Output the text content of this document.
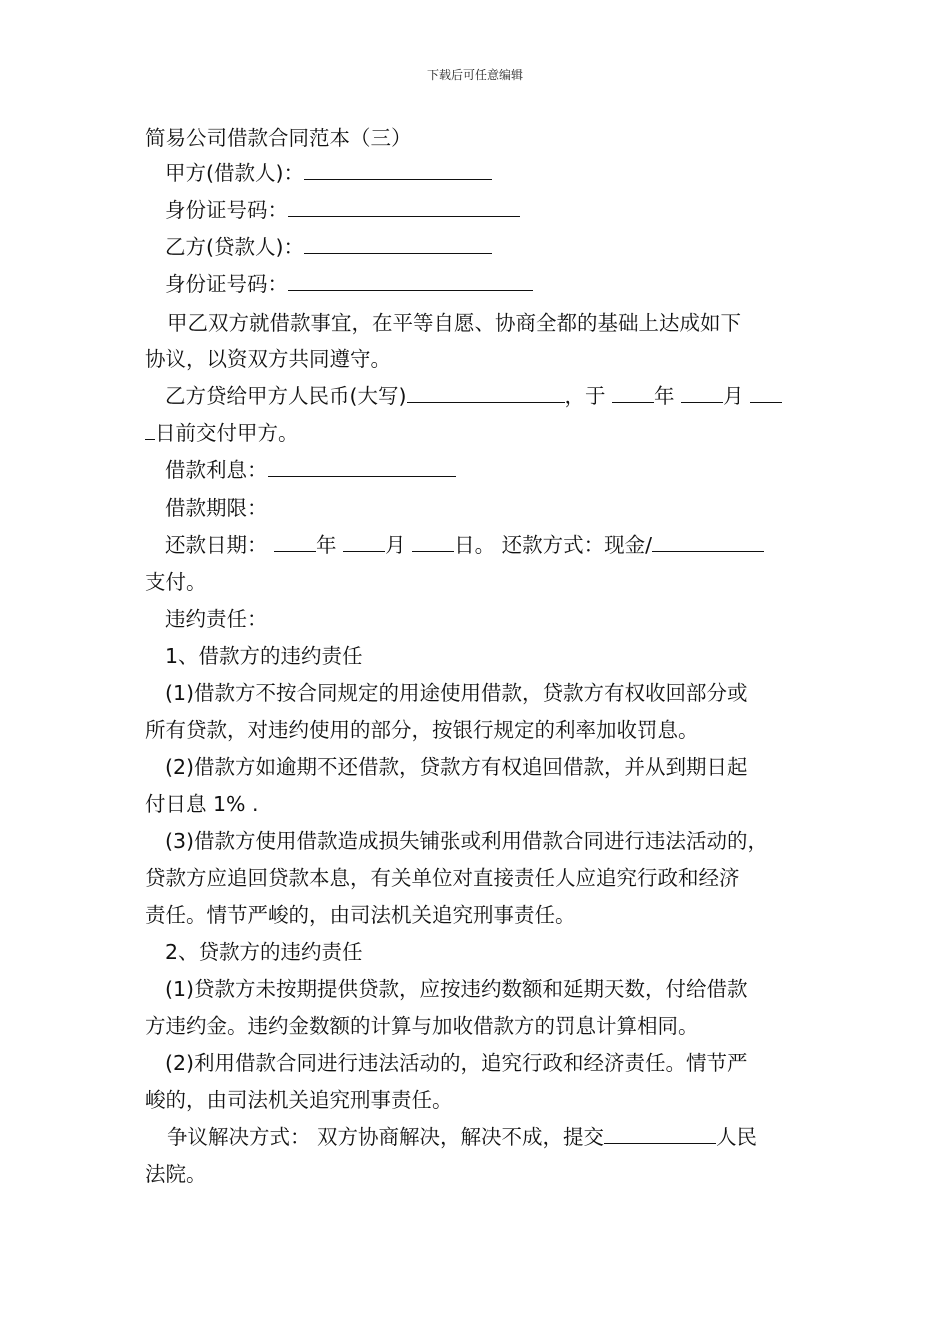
下载后可任意编辑
简易公司借款合同范本（三）
甲方(借款人)：
身份证号码：
乙方(贷款人)：
身份证号码：
甲乙双方就借款事宜，在平等自愿、协商全都的基础上达成如下
协议，以资双方共同遵守。
乙方贷给甲方人民币(大写)	，于 年 月
日前交付甲方。
借款利息：
借款期限：
还款日期： 年 月 日。 还款方式：现金/
支付。
违约责任：
1、借款方的违约责任
(1)借款方不按合同规定的用途使用借款，贷款方有权收回部分或
所有贷款，对违约使用的部分，按银行规定的利率加收罚息。
(2)借款方如逾期不还借款，贷款方有权追回借款，并从到期日起
付日息 1% .
(3)借款方使用借款造成损失铺张或利用借款合同进行违法活动的，
贷款方应追回贷款本息，有关单位对直接责任人应追究行政和经济
责任。情节严峻的，由司法机关追究刑事责任。
2、贷款方的违约责任
(1)贷款方未按期提供贷款，应按违约数额和延期天数，付给借款
方违约金。违约金数额的计算与加收借款方的罚息计算相同。
(2)利用借款合同进行违法活动的，追究行政和经济责任。情节严
峻的，由司法机关追究刑事责任。
争议解决方式： 双方协商解决，解决不成，提交	人民
法院。
